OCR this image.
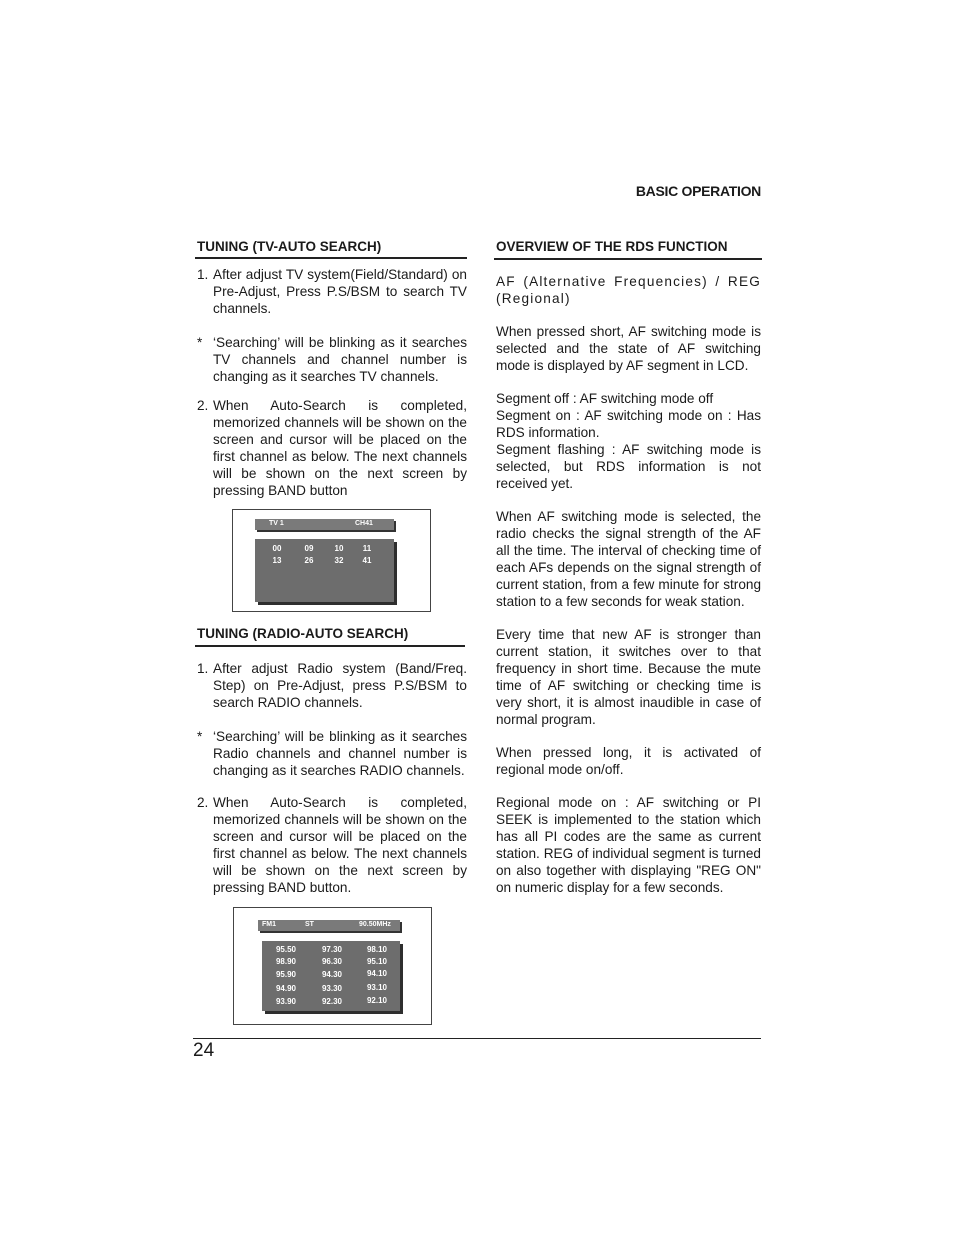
BASIC OPERATION
TUNING (TV-AUTO SEARCH)
1. After adjust TV system(Field/Standard) on Pre-Adjust, Press P.S/BSM to search TV channels.
* ‘Searching’ will be blinking as it searches TV channels and channel number is changing as it searches TV channels.
2. When Auto-Search is completed, memorized channels will be shown on the screen and cursor will be placed on the first channel as below. The next channels will be shown on the next screen by pressing BAND button
TV 1	CH41
00	09	10	11
13	26	32	41
TUNING (RADIO-AUTO SEARCH)
1. After adjust Radio system (Band/Freq. Step) on Pre-Adjust, press P.S/BSM to search RADIO channels.
* ‘Searching’ will be blinking as it searches Radio channels and channel number is changing as it searches RADIO channels.
2. When Auto-Search is completed, memorized channels will be shown on the screen and cursor will be placed on the first channel as below. The next channels will be shown on the next screen by pressing BAND button.
FM1	ST	90.50MHz
95.50	97.30	98.10
98.90	96.30	95.10
95.90	94.30	94.10
94.90	93.30	93.10
93.90	92.30	92.10
OVERVIEW OF THE RDS FUNCTION

AF (Alternative Frequencies) / REG (Regional)

When pressed short, AF switching mode is selected and the state of AF switching mode is displayed by AF segment in LCD.

Segment off : AF switching mode off

Segment on : AF switching mode on : Has RDS information.

Segment flashing : AF switching mode is selected, but RDS information is not received yet.

When AF switching mode is selected, the radio checks the signal strength of the AF all the time. The interval of checking time of each AFs depends on the signal strength of current station, from a few minute for strong station to a few seconds for weak station.

Every time that new AF is stronger than current station, it switches over to that frequency in short time. Because the mute time of AF switching or checking time is very short, it is almost inaudible in case of normal program.

When pressed long, it is activated of regional mode on/off.

Regional mode on : AF switching or PI SEEK is implemented to the station which has all PI codes are the same as current station. REG of individual segment is turned on also together with displaying "REG ON" on numeric display for a few seconds.

24
